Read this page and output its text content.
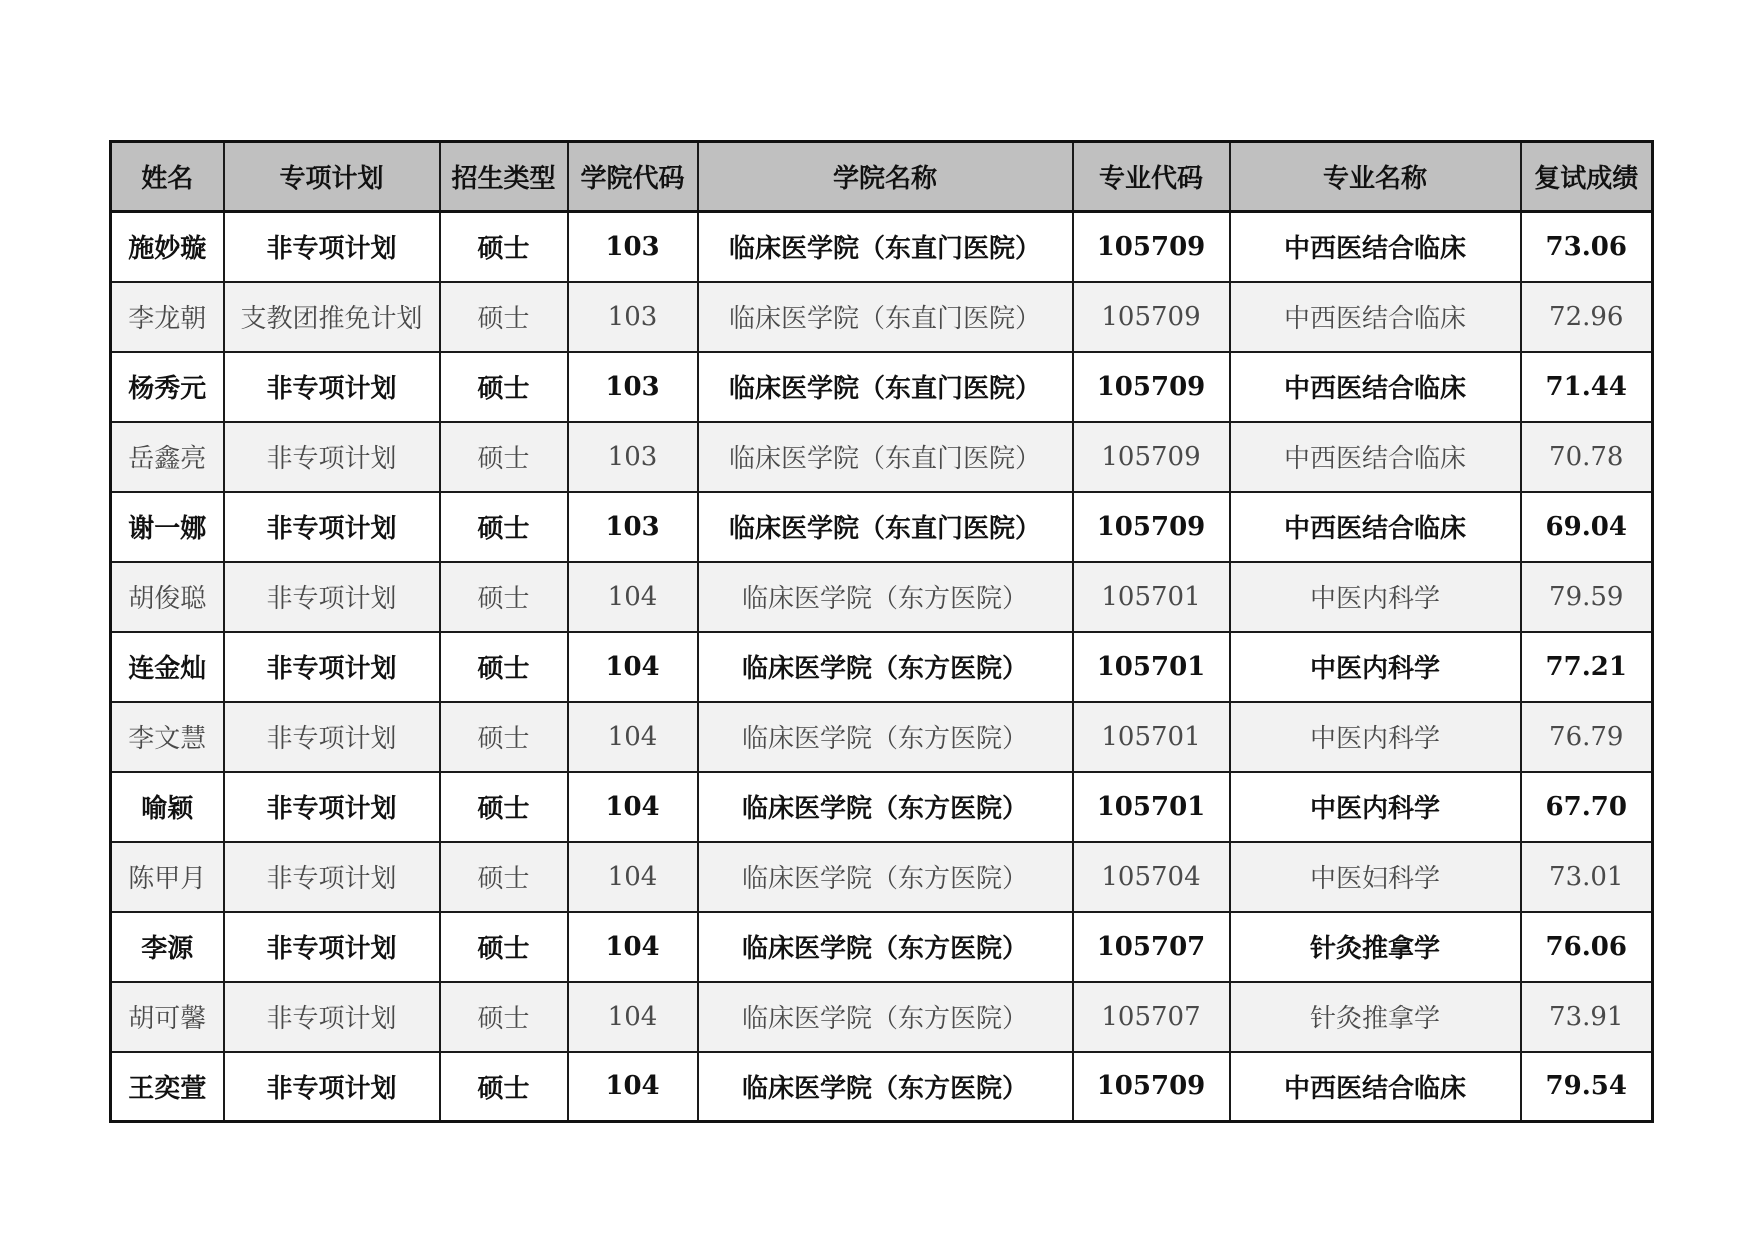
姓名	专项计划	招生类型	学院代码	学院名称	专业代码	专业名称	复试成绩
施妙璇	非专项计划	硕士	103	临床医学院（东直门医院）	105709	中西医结合临床	73.06
李龙朝	支教团推免计划	硕士	103	临床医学院（东直门医院）	105709	中西医结合临床	72.96
杨秀元	非专项计划	硕士	103	临床医学院（东直门医院）	105709	中西医结合临床	71.44
岳鑫亮	非专项计划	硕士	103	临床医学院（东直门医院）	105709	中西医结合临床	70.78
谢一娜	非专项计划	硕士	103	临床医学院（东直门医院）	105709	中西医结合临床	69.04
胡俊聪	非专项计划	硕士	104	临床医学院（东方医院）	105701	中医内科学	79.59
连金灿	非专项计划	硕士	104	临床医学院（东方医院）	105701	中医内科学	77.21
李文慧	非专项计划	硕士	104	临床医学院（东方医院）	105701	中医内科学	76.79
喻颖	非专项计划	硕士	104	临床医学院（东方医院）	105701	中医内科学	67.70
陈甲月	非专项计划	硕士	104	临床医学院（东方医院）	105704	中医妇科学	73.01
李源	非专项计划	硕士	104	临床医学院（东方医院）	105707	针灸推拿学	76.06
胡可馨	非专项计划	硕士	104	临床医学院（东方医院）	105707	针灸推拿学	73.91
王奕萱	非专项计划	硕士	104	临床医学院（东方医院）	105709	中西医结合临床	79.54
